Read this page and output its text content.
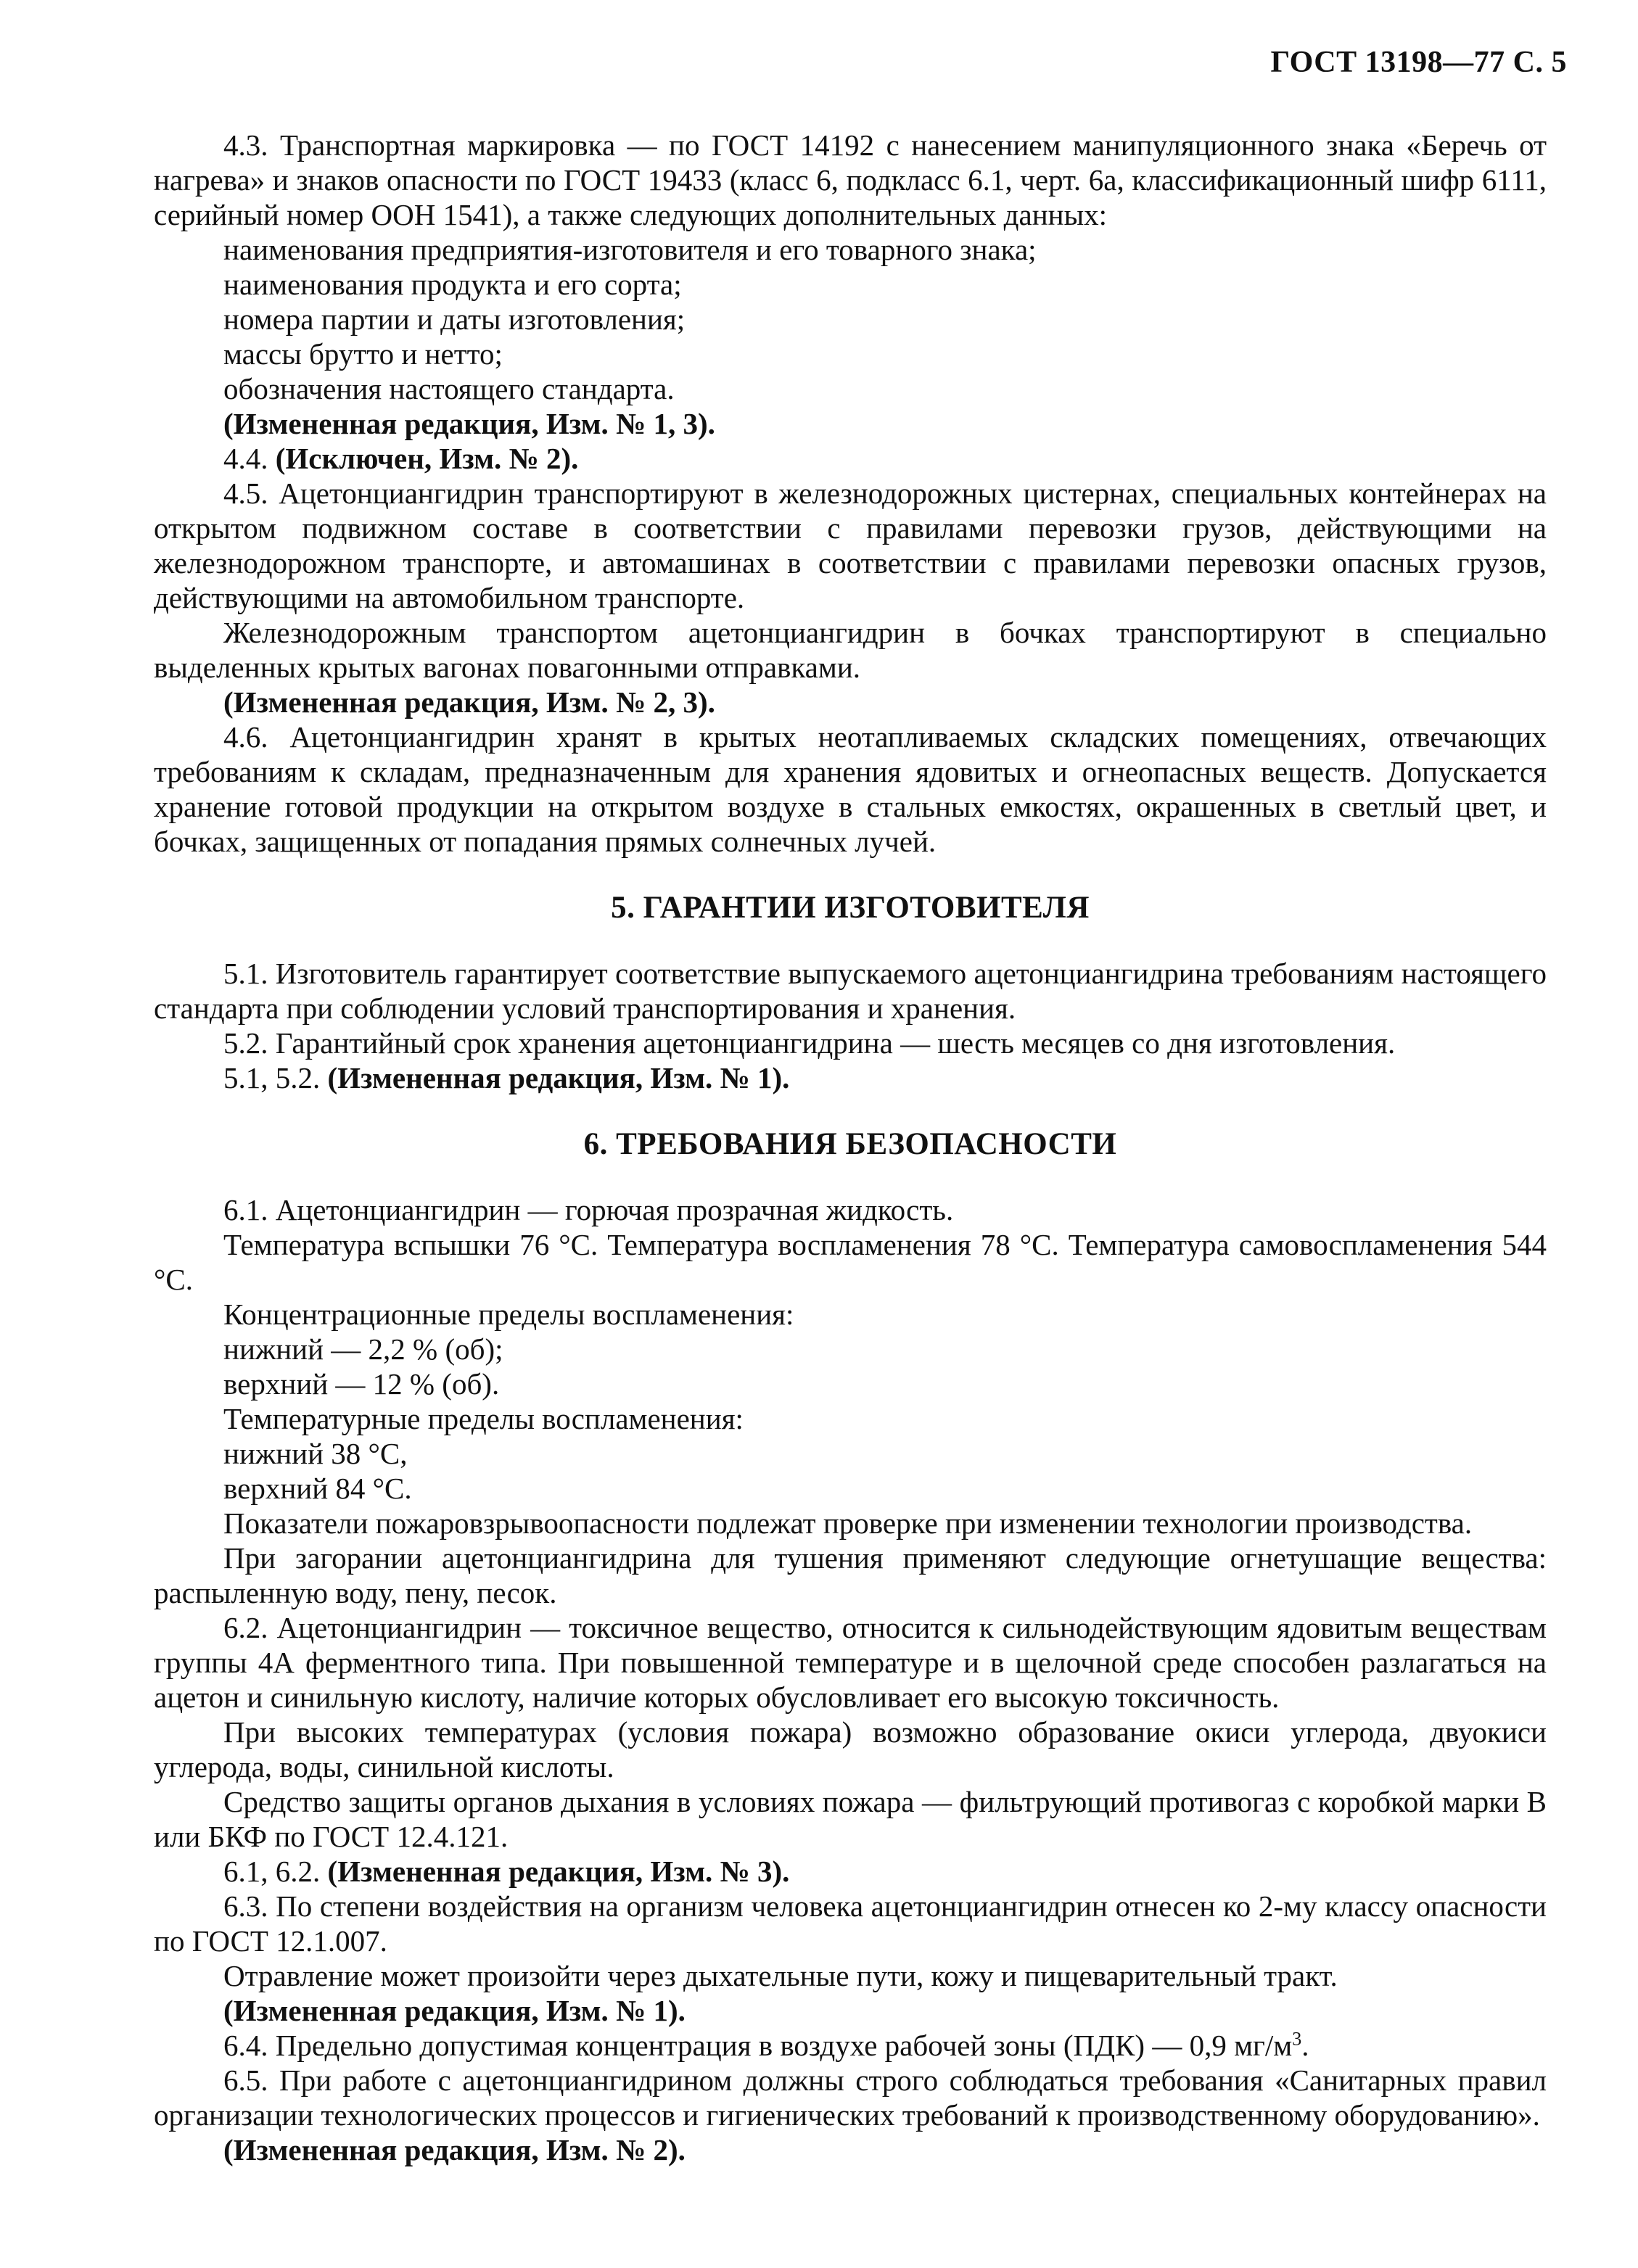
ГОСТ 13198—77 С. 5

4.3. Транспортная маркировка — по ГОСТ 14192 с нанесением манипуляционного знака «Беречь от нагрева» и знаков опасности по ГОСТ 19433 (класс 6, подкласс 6.1, черт. 6а, классификационный шифр 6111, серийный номер ООН 1541), а также следующих дополнительных данных:

наименования предприятия-изготовителя и его товарного знака;

наименования продукта и его сорта;

номера партии и даты изготовления;

массы брутто и нетто;

обозначения настоящего стандарта.

(Измененная редакция, Изм. № 1, 3).

4.4. (Исключен, Изм. № 2).

4.5. Ацетонциангидрин транспортируют в железнодорожных цистернах, специальных контейнерах на открытом подвижном составе в соответствии с правилами перевозки грузов, действующими на железнодорожном транспорте, и автомашинах в соответствии с правилами перевозки опасных грузов, действующими на автомобильном транспорте.

Железнодорожным транспортом ацетонциангидрин в бочках транспортируют в специально выделенных крытых вагонах повагонными отправками.

(Измененная редакция, Изм. № 2, 3).

4.6. Ацетонциангидрин хранят в крытых неотапливаемых складских помещениях, отвечающих требованиям к складам, предназначенным для хранения ядовитых и огнеопасных веществ. Допускается хранение готовой продукции на открытом воздухе в стальных емкостях, окрашенных в светлый цвет, и бочках, защищенных от попадания прямых солнечных лучей.

5. ГАРАНТИИ ИЗГОТОВИТЕЛЯ

5.1. Изготовитель гарантирует соответствие выпускаемого ацетонциангидрина требованиям настоящего стандарта при соблюдении условий транспортирования и хранения.

5.2. Гарантийный срок хранения ацетонциангидрина — шесть месяцев со дня изготовления.

5.1, 5.2. (Измененная редакция, Изм. № 1).

6. ТРЕБОВАНИЯ БЕЗОПАСНОСТИ

6.1. Ацетонциангидрин — горючая прозрачная жидкость.

Температура вспышки 76 °С. Температура воспламенения 78 °С. Температура самовоспламенения 544 °С.

Концентрационные пределы воспламенения:

нижний — 2,2 % (об);

верхний — 12 % (об).

Температурные пределы воспламенения:

нижний 38 °С,

верхний 84 °С.

Показатели пожаровзрывоопасности подлежат проверке при изменении технологии производства.

При загорании ацетонциангидрина для тушения применяют следующие огнетушащие вещества: распыленную воду, пену, песок.

6.2. Ацетонциангидрин — токсичное вещество, относится к сильнодействующим ядовитым веществам группы 4А ферментного типа. При повышенной температуре и в щелочной среде способен разлагаться на ацетон и синильную кислоту, наличие которых обусловливает его высокую токсичность.

При высоких температурах (условия пожара) возможно образование окиси углерода, двуокиси углерода, воды, синильной кислоты.

Средство защиты органов дыхания в условиях пожара — фильтрующий противогаз с коробкой марки В или БКФ по ГОСТ 12.4.121.

6.1, 6.2. (Измененная редакция, Изм. № 3).

6.3. По степени воздействия на организм человека ацетонциангидрин отнесен ко 2-му классу опасности по ГОСТ 12.1.007.

Отравление может произойти через дыхательные пути, кожу и пищеварительный тракт.

(Измененная редакция, Изм. № 1).

6.4. Предельно допустимая концентрация в воздухе рабочей зоны (ПДК) — 0,9 $мг/м^3$.

6.5. При работе с ацетонциангидрином должны строго соблюдаться требования «Санитарных правил организации технологических процессов и гигиенических требований к производственному оборудованию».

(Измененная редакция, Изм. № 2).
